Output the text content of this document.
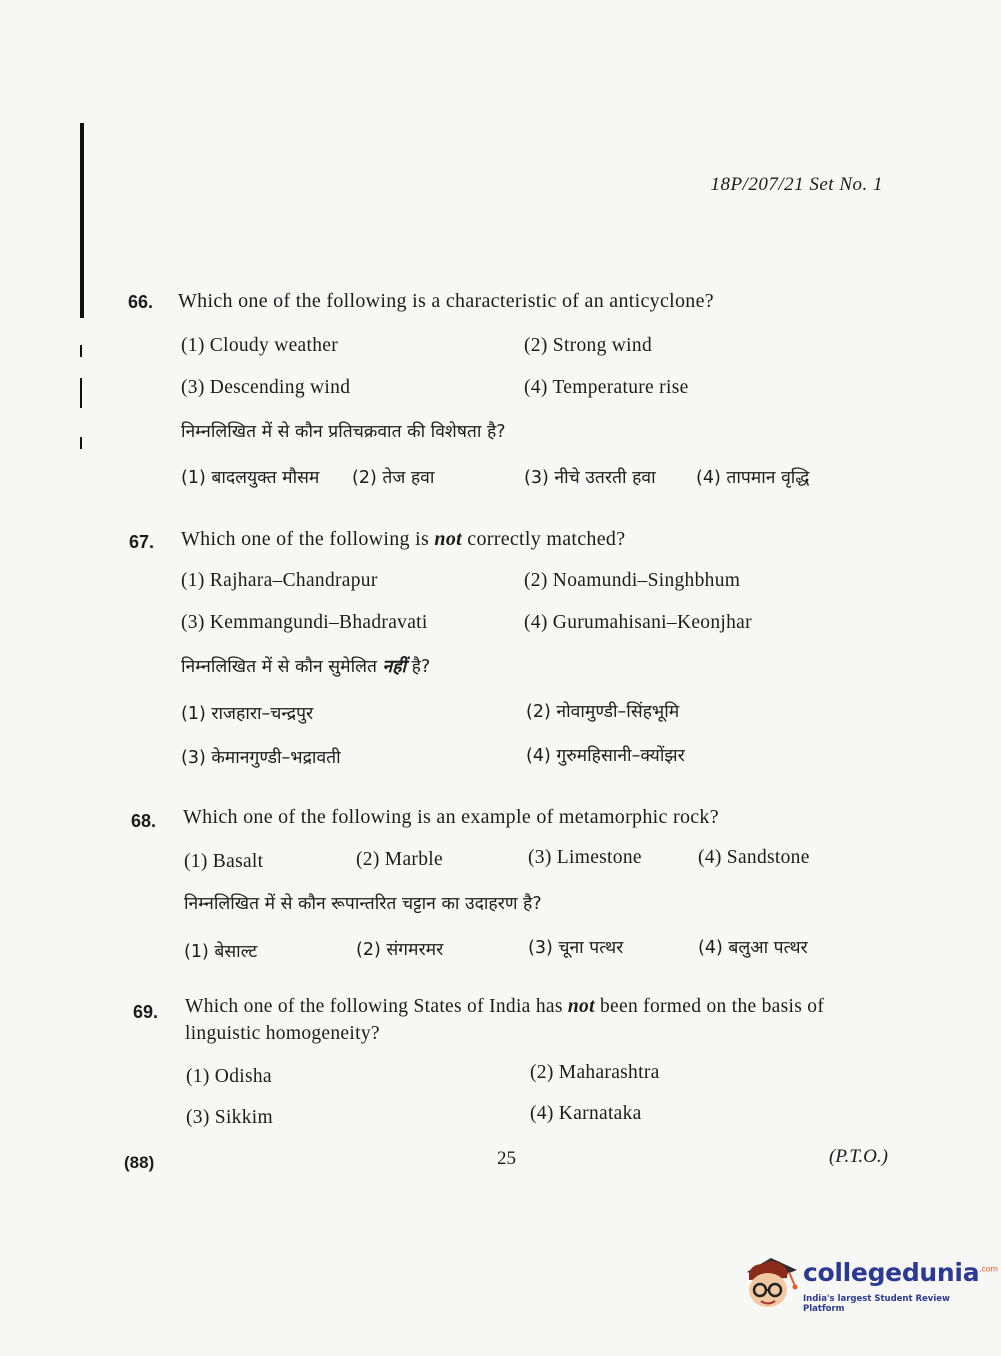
18P/207/21 Set No. 1
66. Which one of the following is a characteristic of an anticyclone?
(1) Cloudy weather	(2) Strong wind
(3) Descending wind	(4) Temperature rise
निम्नलिखित में से कौन प्रतिचक्रवात की विशेषता है?
(1) बादलयुक्त मौसम (2) तेज हवा	(3) नीचे उतरती हवा (4) तापमान वृद्धि
67. Which one of the following is not correctly matched?
(1) Rajhara–Chandrapur	(2) Noamundi–Singhbhum
(3) Kemmangundi–Bhadravati	(4) Gurumahisani–Keonjhar
निम्नलिखित में से कौन सुमेलित नहीं है?
(1) राजहारा–चन्द्रपुर	(2) नोवामुण्डी–सिंहभूमि
(3) केमानगुण्डी–भद्रावती	(4) गुरुमहिसानी–क्योंझर
68. Which one of the following is an example of metamorphic rock?
(1) Basalt	(2) Marble	(3) Limestone	(4) Sandstone
निम्नलिखित में से कौन रूपान्तरित चट्टान का उदाहरण है?
(1) बेसाल्ट	(2) संगमरमर	(3) चूना पत्थर	(4) बलुआ पत्थर
69. Which one of the following States of India has not been formed on the basis of
linguistic homogeneity?
(1) Odisha	(2) Maharashtra
(3) Sikkim	(4) Karnataka
(88)	25	(P.T.O.)
collegedunia$^{.com}$
India's largest Student Review Platform
